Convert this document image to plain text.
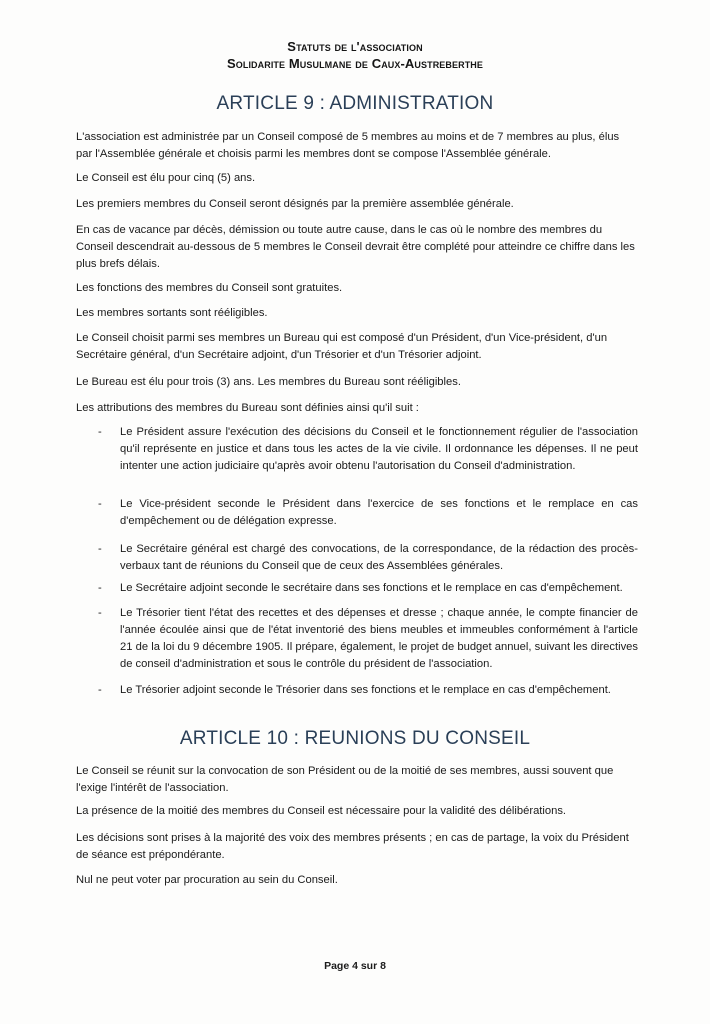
Statuts de l'association
Solidarite Musulmane de Caux-Austreberthe
ARTICLE 9 : ADMINISTRATION

L'association est administrée par un Conseil composé de 5 membres au moins et de 7 membres au plus, élus par l'Assemblée générale et choisis parmi les membres dont se compose l'Assemblée générale.

Le Conseil est élu pour cinq (5) ans.

Les premiers membres du Conseil seront désignés par la première assemblée générale.

En cas de vacance par décès, démission ou toute autre cause, dans le cas où le nombre des membres du Conseil descendrait au-dessous de 5 membres le Conseil devrait être complété pour atteindre ce chiffre dans les plus brefs délais.

Les fonctions des membres du Conseil sont gratuites.

Les membres sortants sont rééligibles.

Le Conseil choisit parmi ses membres un Bureau qui est composé d'un Président, d'un Vice-président, d'un Secrétaire général, d'un Secrétaire adjoint, d'un Trésorier et d'un Trésorier adjoint.

Le Bureau est élu pour trois (3) ans. Les membres du Bureau sont rééligibles.

Les attributions des membres du Bureau sont définies ainsi qu'il suit :

-	Le Président assure l'exécution des décisions du Conseil et le fonctionnement régulier de l'association qu'il représente en justice et dans tous les actes de la vie civile. Il ordonnance les dépenses. Il ne peut intenter une action judiciaire qu'après avoir obtenu l'autorisation du Conseil d'administration.
-	Le Vice-président seconde le Président dans l'exercice de ses fonctions et le remplace en cas d'empêchement ou de délégation expresse.
-	Le Secrétaire général est chargé des convocations, de la correspondance, de la rédaction des procès-verbaux tant de réunions du Conseil que de ceux des Assemblées générales.
-	Le Secrétaire adjoint seconde le secrétaire dans ses fonctions et le remplace en cas d'empêchement.
-	Le Trésorier tient l'état des recettes et des dépenses et dresse ; chaque année, le compte financier de l'année écoulée ainsi que de l'état inventorié des biens meubles et immeubles conformément à l'article 21 de la loi du 9 décembre 1905. Il prépare, également, le projet de budget annuel, suivant les directives de conseil d'administration et sous le contrôle du président de l'association.
-	Le Trésorier adjoint seconde le Trésorier dans ses fonctions et le remplace en cas d'empêchement.
ARTICLE 10 : REUNIONS DU CONSEIL

Le Conseil se réunit sur la convocation de son Président ou de la moitié de ses membres, aussi souvent que l'exige l'intérêt de l'association.

La présence de la moitié des membres du Conseil est nécessaire pour la validité des délibérations.

Les décisions sont prises à la majorité des voix des membres présents ; en cas de partage, la voix du Président de séance est prépondérante.

Nul ne peut voter par procuration au sein du Conseil.

Page 4 sur 8
